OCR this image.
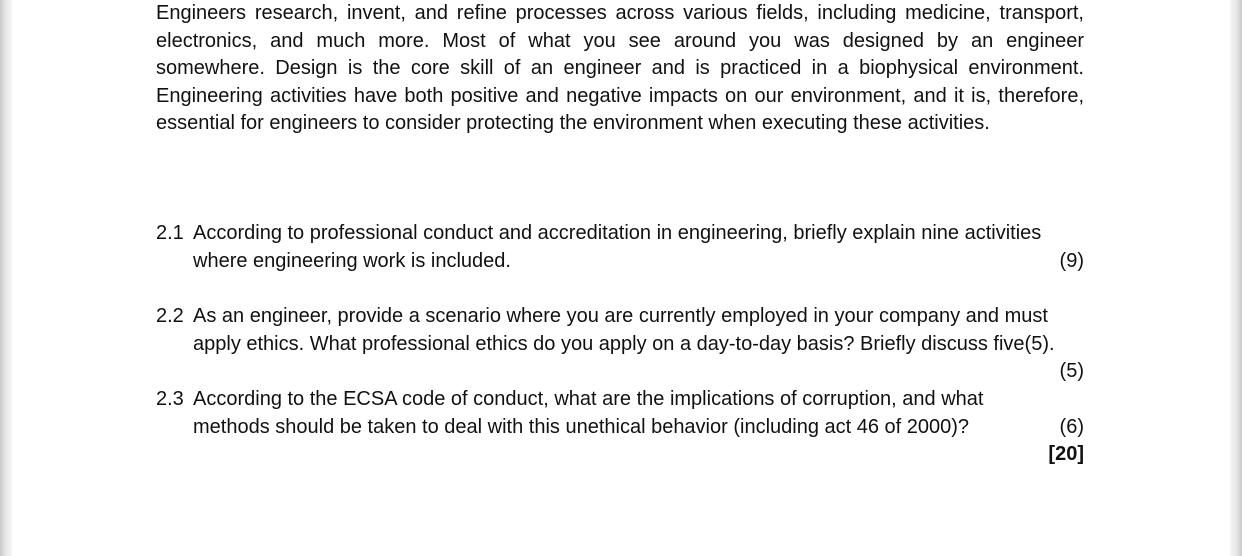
Engineers research, invent, and refine processes across various fields, including medicine, transport, electronics, and much more. Most of what you see around you was designed by an engineer somewhere. Design is the core skill of an engineer and is practiced in a biophysical environment. Engineering activities have both positive and negative impacts on our environment, and it is, therefore, essential for engineers to consider protecting the environment when executing these activities.

2.1 According to professional conduct and accreditation in engineering, briefly explain nine activities
where engineering work is included.	(9)
2.2 As an engineer, provide a scenario where you are currently employed in your company and must
apply ethics. What professional ethics do you apply on a day-to-day basis? Briefly discuss five(5).
(5)
2.3 According to the ECSA code of conduct, what are the implications of corruption, and what
methods should be taken to deal with this unethical behavior (including act 46 of 2000)?	(6)
[20]
